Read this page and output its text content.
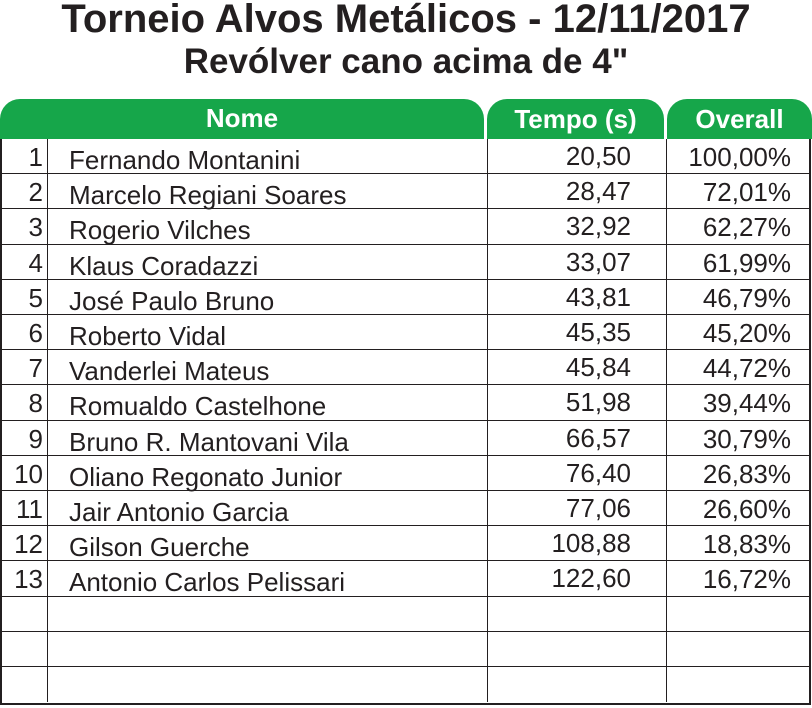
Torneio Alvos Metálicos - 12/11/2017
Revólver cano acima de 4"
Nome	Tempo (s)	Overall
1	Fernando Montanini	20,50	100,00%
2	Marcelo Regiani Soares	28,47	72,01%
3	Rogerio Vilches	32,92	62,27%
4	Klaus Coradazzi	33,07	61,99%
5	José Paulo Bruno	43,81	46,79%
6	Roberto Vidal	45,35	45,20%
7	Vanderlei Mateus	45,84	44,72%
8	Romualdo Castelhone	51,98	39,44%
9	Bruno R. Mantovani Vila	66,57	30,79%
10	Oliano Regonato Junior	76,40	26,83%
11	Jair Antonio Garcia	77,06	26,60%
12	Gilson Guerche	108,88	18,83%
13	Antonio Carlos Pelissari	122,60	16,72%
